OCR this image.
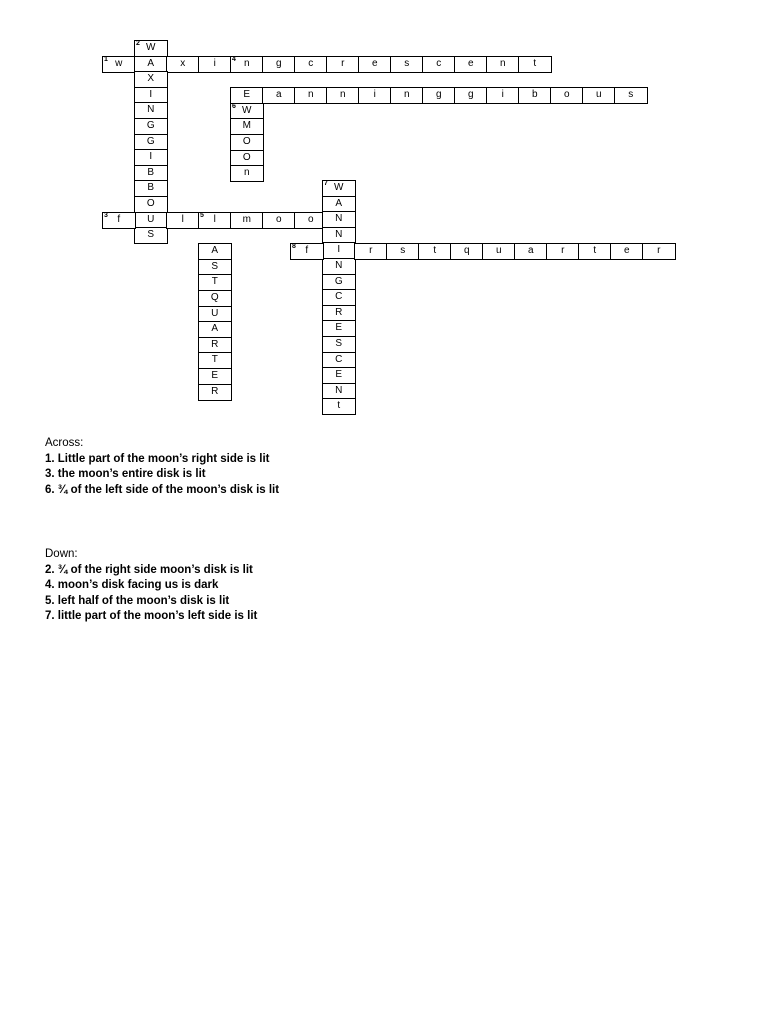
1 w	A	x	i	4 n	g	c	r	e	s	c	e	n	t
2 W
X
I
N
G
G
I
B
B
O
U
S
E
6 W
M
O
O
n
a	n	n	i	n	g	g	i	b	o	u	s
3 f	l	5 l	m	o	o
A
S
T
Q
U
A
R
T
E
R
7 W
A
N
N
I
N
G
C
R
E
S
C
E
N
t
8 f	r	s	t	q	u	a	r	t	e	r
Across:
1. Little part of the moon’s right side is lit
3. the moon’s entire disk is lit
6. ¾ of the left side of the moon’s disk is lit
Down:
2. ¾ of the right side moon’s disk is lit
4. moon’s disk facing us is dark
5. left half of the moon’s disk is lit
7. little part of the moon’s left side is lit
